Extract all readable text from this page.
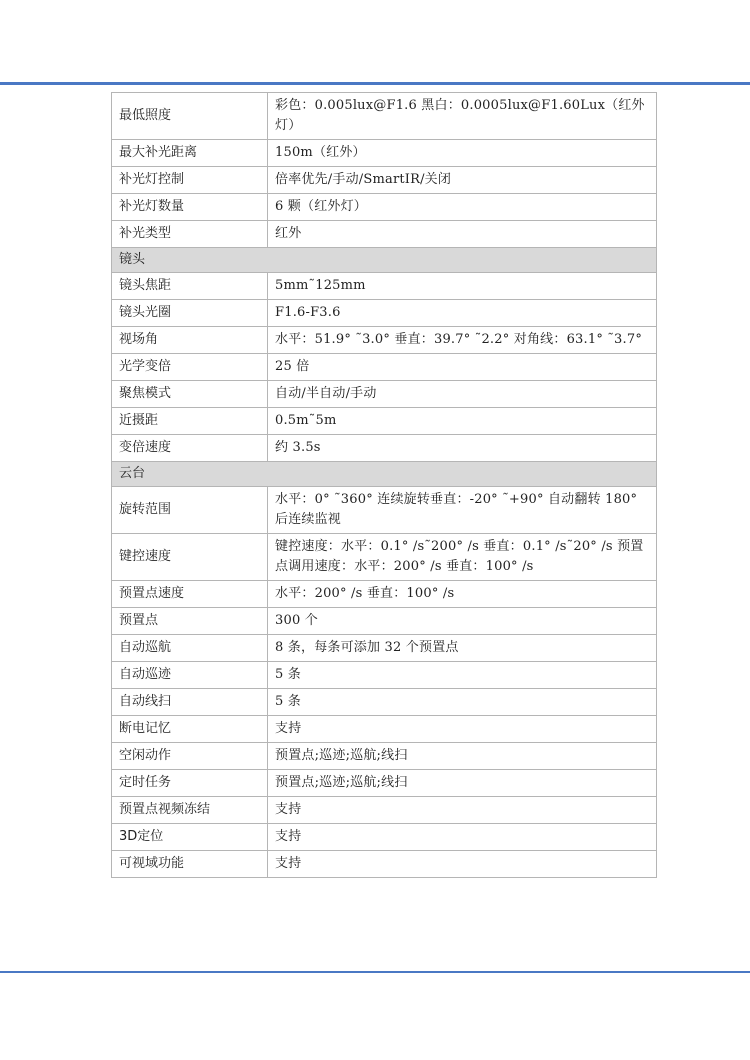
最低照度	彩色：0.005lux@F1.6 黑白：0.0005lux@F1.60Lux（红外灯）
最大补光距离	150m（红外）
补光灯控制	倍率优先/手动/SmartIR/关闭
补光灯数量	6 颗（红外灯）
补光类型	红外
镜头	
镜头焦距	5mm˜125mm
镜头光圈	F1.6-F3.6
视场角	水平：51.9° ˜3.0° 垂直：39.7° ˜2.2° 对角线：63.1° ˜3.7°
光学变倍	25 倍
聚焦模式	自动/半自动/手动
近摄距	0.5m˜5m
变倍速度	约 3.5s
云台	
旋转范围	水平：0° ˜360° 连续旋转垂直：-20° ˜+90° 自动翻转 180° 后连续监视
键控速度	键控速度：水平：0.1° /s˜200° /s 垂直：0.1° /s˜20° /s 预置点调用速度：水平：200° /s 垂直：100° /s
预置点速度	水平：200° /s 垂直：100° /s
预置点	300 个
自动巡航	8 条，每条可添加 32 个预置点
自动巡迹	5 条
自动线扫	5 条
断电记忆	支持
空闲动作	预置点;巡迹;巡航;线扫
定时任务	预置点;巡迹;巡航;线扫
预置点视频冻结	支持
3D定位	支持
可视域功能	支持
